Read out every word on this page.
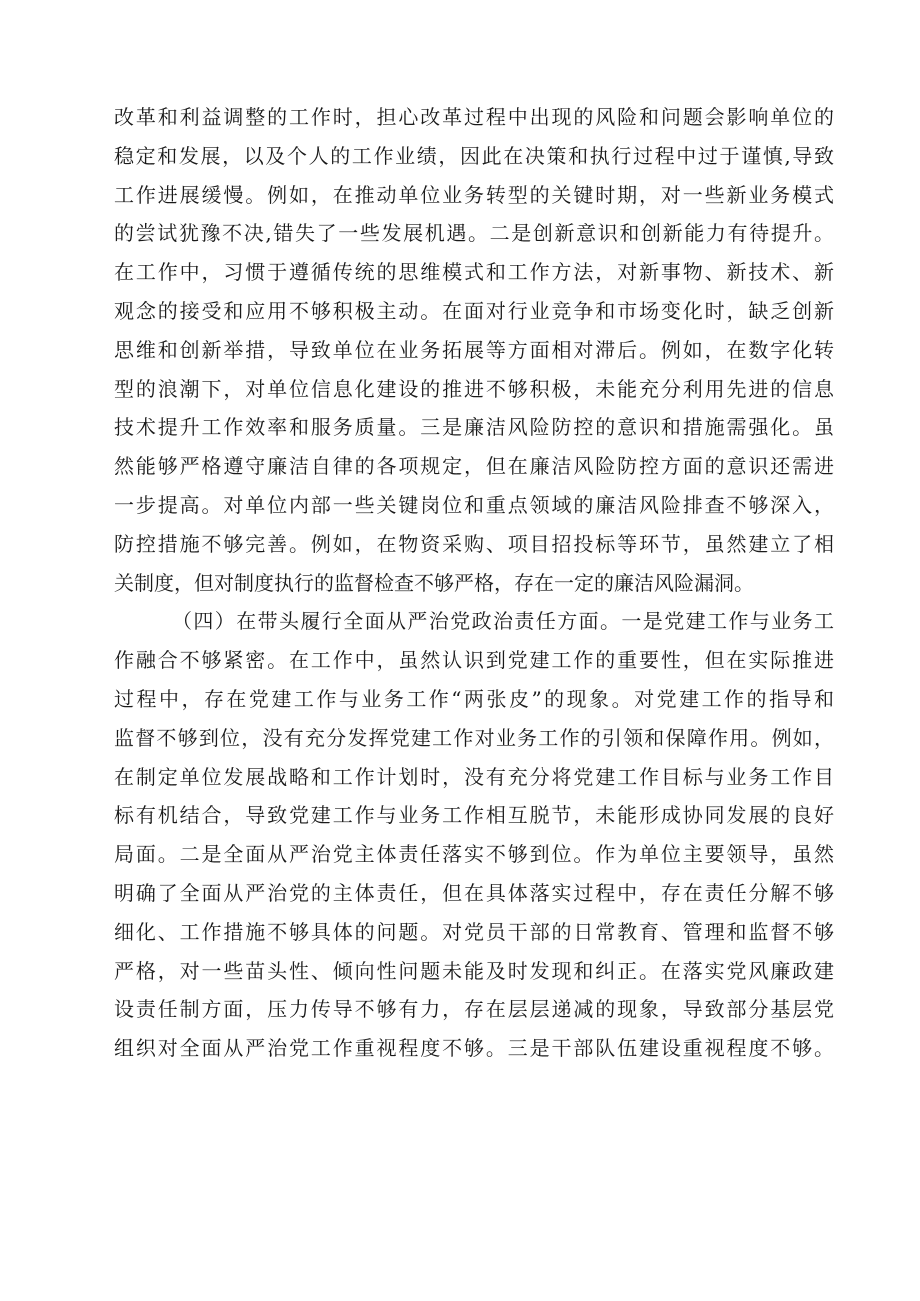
改革和利益调整的工作时，担心改革过程中出现的风险和问题会影响单位的
稳定和发展，以及个人的工作业绩，因此在决策和执行过程中过于谨慎,导致
工作进展缓慢。例如，在推动单位业务转型的关键时期，对一些新业务模式
的尝试犹豫不决,错失了一些发展机遇。二是创新意识和创新能力有待提升。
在工作中，习惯于遵循传统的思维模式和工作方法，对新事物、新技术、新
观念的接受和应用不够积极主动。在面对行业竞争和市场变化时，缺乏创新
思维和创新举措，导致单位在业务拓展等方面相对滞后。例如，在数字化转
型的浪潮下，对单位信息化建设的推进不够积极，未能充分利用先进的信息
技术提升工作效率和服务质量。三是廉洁风险防控的意识和措施需强化。虽
然能够严格遵守廉洁自律的各项规定，但在廉洁风险防控方面的意识还需进
一步提高。对单位内部一些关键岗位和重点领域的廉洁风险排查不够深入，
防控措施不够完善。例如，在物资采购、项目招投标等环节，虽然建立了相
关制度，但对制度执行的监督检查不够严格，存在一定的廉洁风险漏洞。
（四）在带头履行全面从严治党政治责任方面。一是党建工作与业务工
作融合不够紧密。在工作中，虽然认识到党建工作的重要性，但在实际推进
过程中，存在党建工作与业务工作“两张皮”的现象。对党建工作的指导和
监督不够到位，没有充分发挥党建工作对业务工作的引领和保障作用。例如，
在制定单位发展战略和工作计划时，没有充分将党建工作目标与业务工作目
标有机结合，导致党建工作与业务工作相互脱节，未能形成协同发展的良好
局面。二是全面从严治党主体责任落实不够到位。作为单位主要领导，虽然
明确了全面从严治党的主体责任，但在具体落实过程中，存在责任分解不够
细化、工作措施不够具体的问题。对党员干部的日常教育、管理和监督不够
严格，对一些苗头性、倾向性问题未能及时发现和纠正。在落实党风廉政建
设责任制方面，压力传导不够有力，存在层层递减的现象，导致部分基层党
组织对全面从严治党工作重视程度不够。三是干部队伍建设重视程度不够。
